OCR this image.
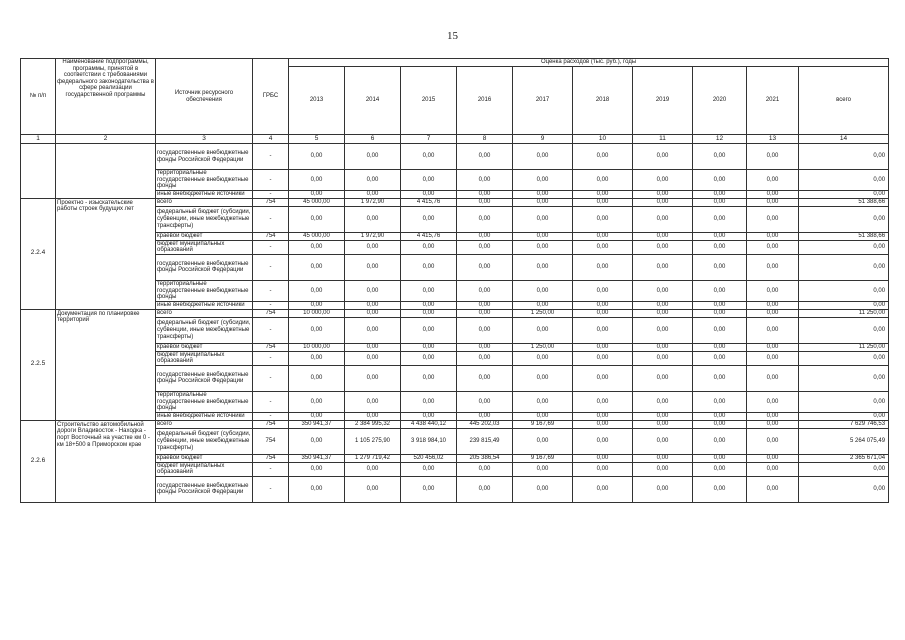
15
№ п/п	Наименование подпрограммы, программы, принятой в соответствии с требованиями федерального законодательства в сфере реализации государственной программы	Источник ресурсного обеспечения	ГРБС	Оценка расходов (тыс. руб.), годы									
				2013	2014	2015	2016	2017	2018	2019	2020	2021	всего
1	2	3	4	5	6	7	8	9	10	11	12	13	14
		государственные внебюджетные фонды Российской Федерации	-	0,00	0,00	0,00	0,00	0,00	0,00	0,00	0,00	0,00	0,00
		территориальные государственные внебюджетные фонды	-	0,00	0,00	0,00	0,00	0,00	0,00	0,00	0,00	0,00	0,00
		иные внебюджетные источники	-	0,00	0,00	0,00	0,00	0,00	0,00	0,00	0,00	0,00	0,00
2.2.4	Проектно - изыскательские работы строек будущих лет	всего	754	45 000,00	1 972,90	4 415,76	0,00	0,00	0,00	0,00	0,00	0,00	51 388,66
		федеральный бюджет (субсидии, субвенции, иные межбюджетные трансферты)	-	0,00	0,00	0,00	0,00	0,00	0,00	0,00	0,00	0,00	0,00
		краевой бюджет	754	45 000,00	1 972,90	4 415,76	0,00	0,00	0,00	0,00	0,00	0,00	51 388,66
		бюджет муниципальных образований	-	0,00	0,00	0,00	0,00	0,00	0,00	0,00	0,00	0,00	0,00
		государственные внебюджетные фонды Российской Федерации	-	0,00	0,00	0,00	0,00	0,00	0,00	0,00	0,00	0,00	0,00
		территориальные государственные внебюджетные фонды	-	0,00	0,00	0,00	0,00	0,00	0,00	0,00	0,00	0,00	0,00
		иные внебюджетные источники	-	0,00	0,00	0,00	0,00	0,00	0,00	0,00	0,00	0,00	0,00
2.2.5	Документация по планировке территорий	всего	754	10 000,00	0,00	0,00	0,00	1 250,00	0,00	0,00	0,00	0,00	11 250,00
		федеральный бюджет (субсидии, субвенции, иные межбюджетные трансферты)	-	0,00	0,00	0,00	0,00	0,00	0,00	0,00	0,00	0,00	0,00
		краевой бюджет	754	10 000,00	0,00	0,00	0,00	1 250,00	0,00	0,00	0,00	0,00	11 250,00
		бюджет муниципальных образований	-	0,00	0,00	0,00	0,00	0,00	0,00	0,00	0,00	0,00	0,00
		государственные внебюджетные фонды Российской Федерации	-	0,00	0,00	0,00	0,00	0,00	0,00	0,00	0,00	0,00	0,00
		территориальные государственные внебюджетные фонды	-	0,00	0,00	0,00	0,00	0,00	0,00	0,00	0,00	0,00	0,00
		иные внебюджетные источники	-	0,00	0,00	0,00	0,00	0,00	0,00	0,00	0,00	0,00	0,00
2.2.6	Строительство автомобильной дороги Владивосток - Находка - порт Восточный на участке км 0 - км 18+500 в Приморском крае	всего	754	350 941,37	2 384 995,32	4 438 440,12	445 202,03	9 167,69	0,00	0,00	0,00	0,00	7 629 746,53
		федеральный бюджет (субсидии, субвенции, иные межбюджетные трансферты)	754	0,00	1 105 275,90	3 918 984,10	239 815,49	0,00	0,00	0,00	0,00	0,00	5 264 075,49
		краевой бюджет	754	350 941,37	1 279 719,42	520 456,02	205 386,54	9 167,69	0,00	0,00	0,00	0,00	2 365 671,04
		бюджет муниципальных образований	-	0,00	0,00	0,00	0,00	0,00	0,00	0,00	0,00	0,00	0,00
		государственные внебюджетные фонды Российской Федерации	-	0,00	0,00	0,00	0,00	0,00	0,00	0,00	0,00	0,00	0,00
